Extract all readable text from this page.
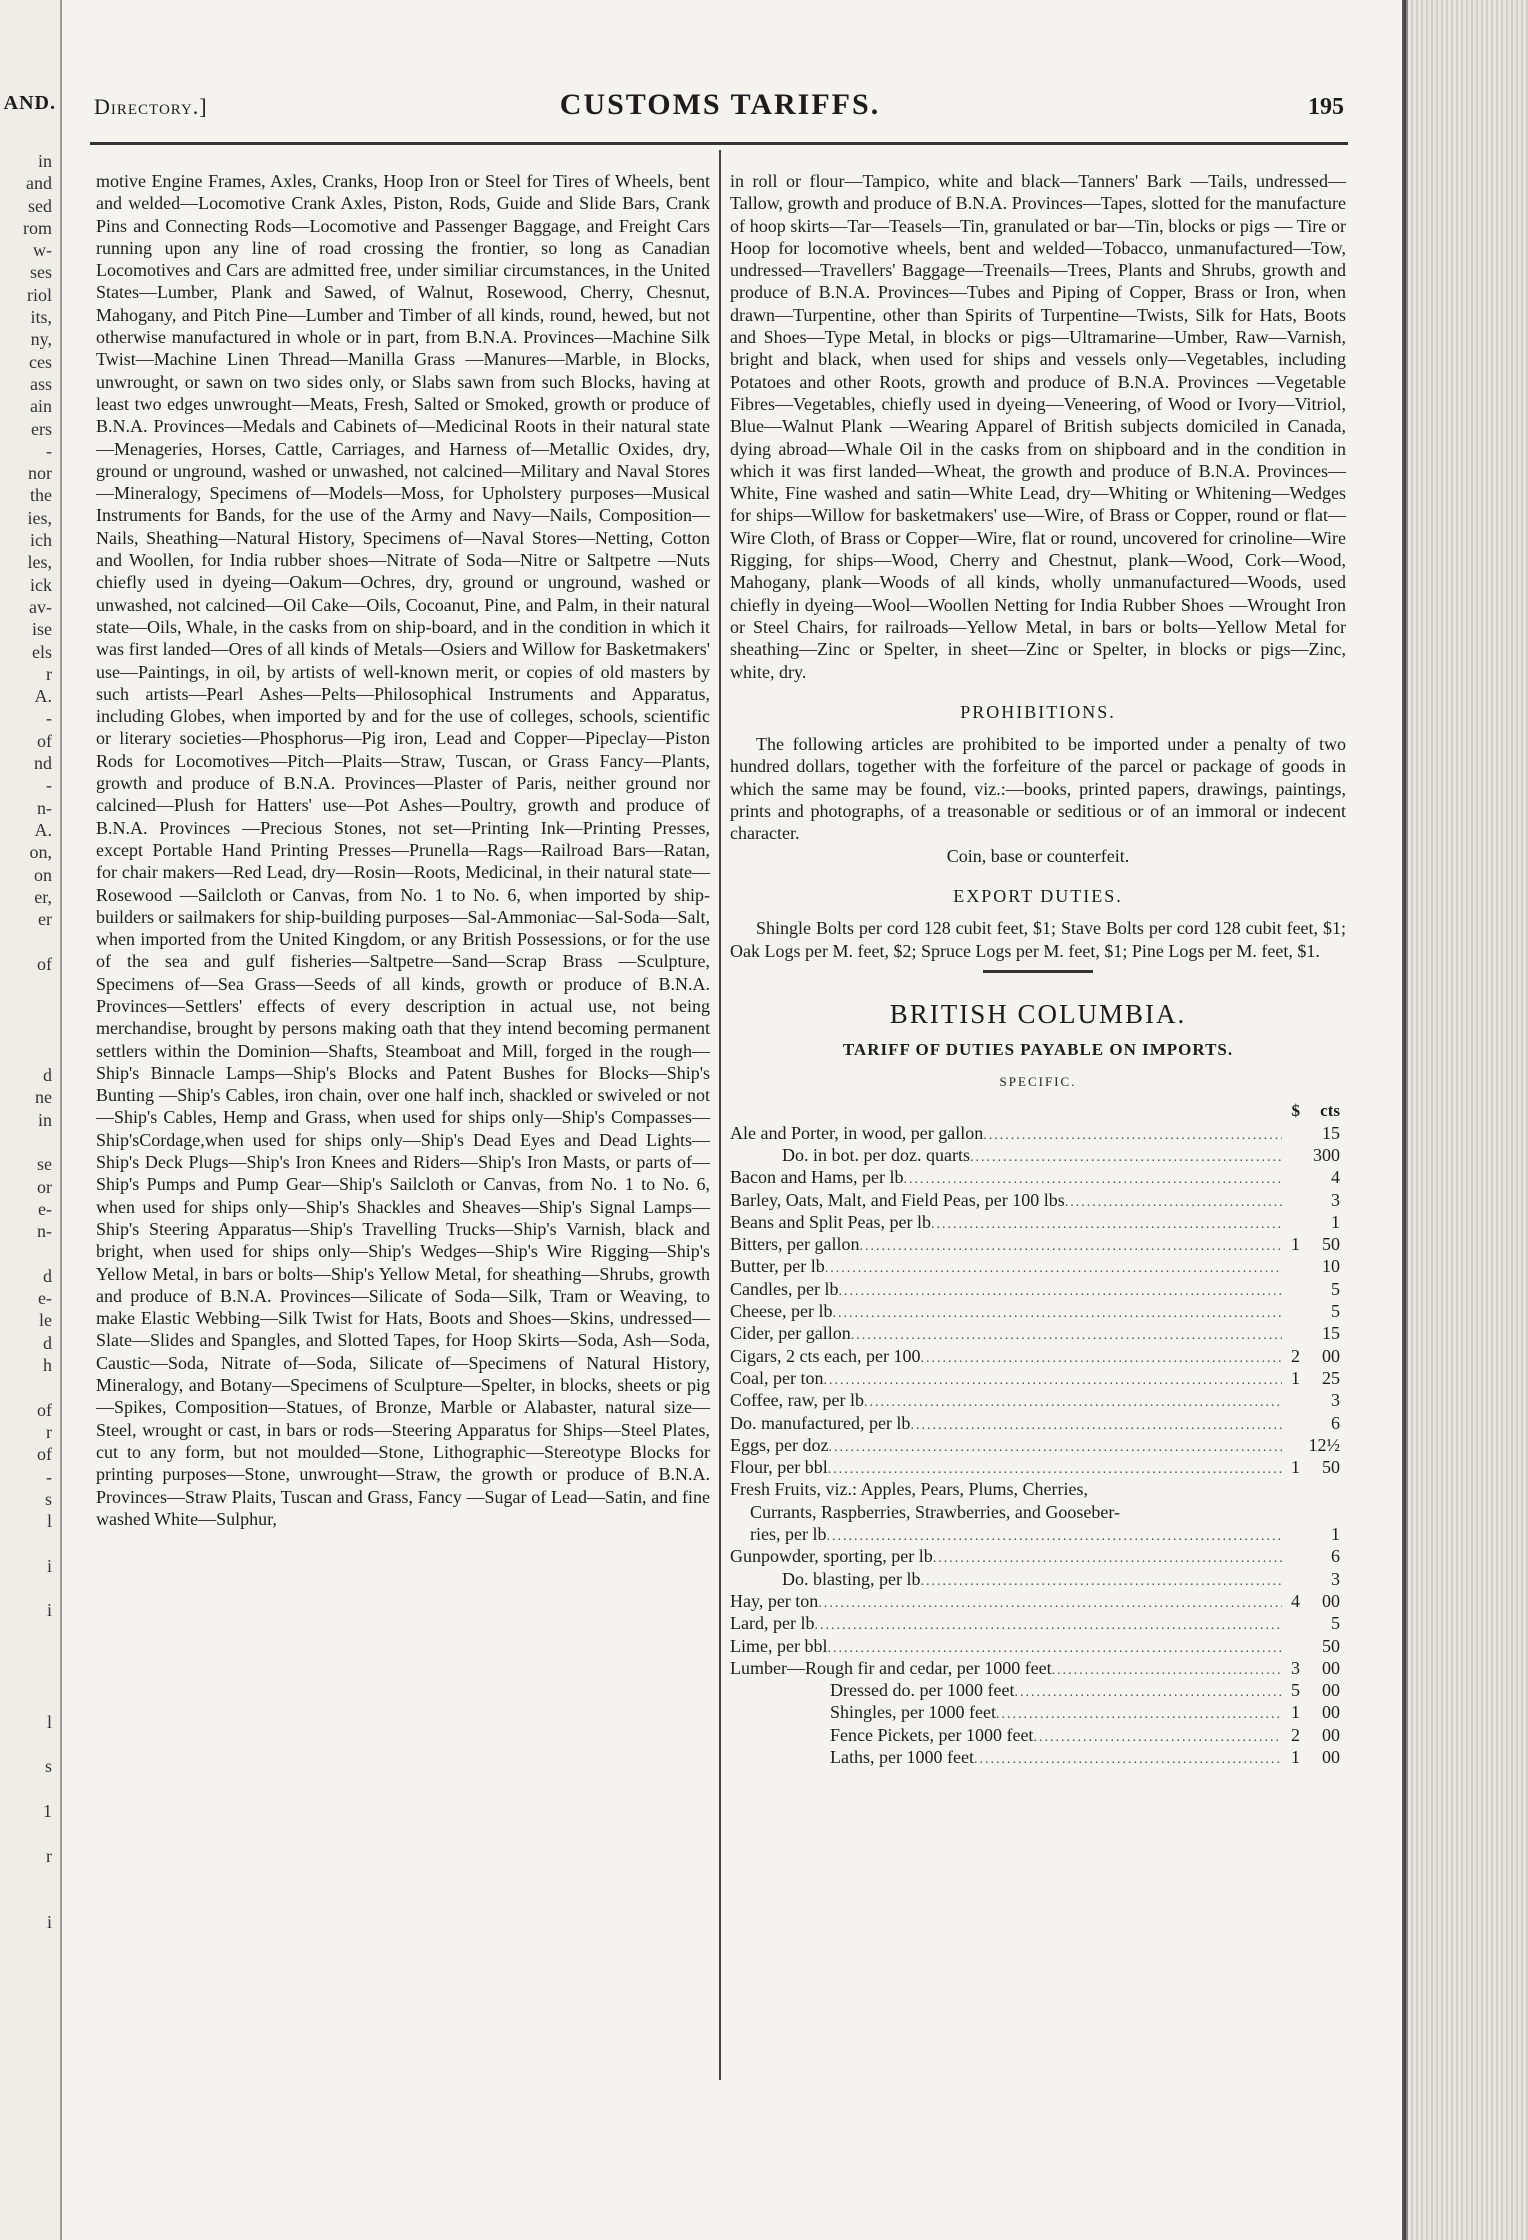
AND.
in
and
sed
rom
w-
ses
riol
its,
ny,
ces
ass
ain
ers
-
nor
the
ies,
ich
les,
ick
av-
ise
els
r
A.
-
of
nd
-
n-
A.
on,
on
er,
er
of
d
ne
in
se
or
e-
n-
d
e-
le
d
h
of
r
of
-
s
l
i
i
l
s
1
r
i
Directory.]	CUSTOMS TARIFFS.	195

motive Engine Frames, Axles, Cranks, Hoop Iron or Steel for Tires of Wheels, bent and welded—Locomotive Crank Axles, Piston, Rods, Guide and Slide Bars, Crank Pins and Connecting Rods—Locomotive and Passenger Baggage, and Freight Cars running upon any line of road crossing the frontier, so long as Canadian Locomotives and Cars are admitted free, under similiar circumstances, in the United States—Lumber, Plank and Sawed, of Walnut, Rosewood, Cherry, Chesnut, Mahogany, and Pitch Pine—Lumber and Timber of all kinds, round, hewed, but not otherwise manufactured in whole or in part, from B.N.A. Provinces—Machine Silk Twist—Machine Linen Thread—Manilla Grass —Manures—Marble, in Blocks, unwrought, or sawn on two sides only, or Slabs sawn from such Blocks, having at least two edges unwrought—Meats, Fresh, Salted or Smoked, growth or produce of B.N.A. Provinces—Medals and Cabinets of—Medicinal Roots in their natural state—Menageries, Horses, Cattle, Carriages, and Harness of—Metallic Oxides, dry, ground or unground, washed or unwashed, not calcined—Military and Naval Stores—Mineralogy, Specimens of—Models—Moss, for Upholstery purposes—Musical Instruments for Bands, for the use of the Army and Navy—Nails, Composition—Nails, Sheathing—Natural History, Specimens of—Naval Stores—Netting, Cotton and Woollen, for India rubber shoes—Nitrate of Soda—Nitre or Saltpetre —Nuts chiefly used in dyeing—Oakum—Ochres, dry, ground or unground, washed or unwashed, not calcined—Oil Cake—Oils, Cocoanut, Pine, and Palm, in their natural state—Oils, Whale, in the casks from on ship-board, and in the condition in which it was first landed—Ores of all kinds of Metals—Osiers and Willow for Basketmakers' use—Paintings, in oil, by artists of well-known merit, or copies of old masters by such artists—Pearl Ashes—Pelts—Philosophical Instruments and Apparatus, including Globes, when imported by and for the use of colleges, schools, scientific or literary societies—Phosphorus—Pig iron, Lead and Copper—Pipeclay—Piston Rods for Locomotives—Pitch—Plaits—Straw, Tuscan, or Grass Fancy—Plants, growth and produce of B.N.A. Provinces—Plaster of Paris, neither ground nor calcined—Plush for Hatters' use—Pot Ashes—Poultry, growth and produce of B.N.A. Provinces —Precious Stones, not set—Printing Ink—Printing Presses, except Portable Hand Printing Presses—Prunella—Rags—Railroad Bars—Ratan, for chair makers—Red Lead, dry—Rosin—Roots, Medicinal, in their natural state—Rosewood —Sailcloth or Canvas, from No. 1 to No. 6, when imported by ship-builders or sailmakers for ship-building purposes—Sal-Ammoniac—Sal-Soda—Salt, when imported from the United Kingdom, or any British Possessions, or for the use of the sea and gulf fisheries—Saltpetre—Sand—Scrap Brass —Sculpture, Specimens of—Sea Grass—Seeds of all kinds, growth or produce of B.N.A. Provinces—Settlers' effects of every description in actual use, not being merchandise, brought by persons making oath that they intend becoming permanent settlers within the Dominion—Shafts, Steamboat and Mill, forged in the rough—Ship's Binnacle Lamps—Ship's Blocks and Patent Bushes for Blocks—Ship's Bunting —Ship's Cables, iron chain, over one half inch, shackled or swiveled or not—Ship's Cables, Hemp and Grass, when used for ships only—Ship's Compasses—Ship'sCordage,when used for ships only—Ship's Dead Eyes and Dead Lights—Ship's Deck Plugs—Ship's Iron Knees and Riders—Ship's Iron Masts, or parts of—Ship's Pumps and Pump Gear—Ship's Sailcloth or Canvas, from No. 1 to No. 6, when used for ships only—Ship's Shackles and Sheaves—Ship's Signal Lamps—Ship's Steering Apparatus—Ship's Travelling Trucks—Ship's Varnish, black and bright, when used for ships only—Ship's Wedges—Ship's Wire Rigging—Ship's Yellow Metal, in bars or bolts—Ship's Yellow Metal, for sheathing—Shrubs, growth and produce of B.N.A. Provinces—Silicate of Soda—Silk, Tram or Weaving, to make Elastic Webbing—Silk Twist for Hats, Boots and Shoes—Skins, undressed—Slate—Slides and Spangles, and Slotted Tapes, for Hoop Skirts—Soda, Ash—Soda, Caustic—Soda, Nitrate of—Soda, Silicate of—Specimens of Natural History, Mineralogy, and Botany—Specimens of Sculpture—Spelter, in blocks, sheets or pig—Spikes, Composition—Statues, of Bronze, Marble or Alabaster, natural size—Steel, wrought or cast, in bars or rods—Steering Apparatus for Ships—Steel Plates, cut to any form, but not moulded—Stone, Lithographic—Stereotype Blocks for printing purposes—Stone, unwrought—Straw, the growth or produce of B.N.A. Provinces—Straw Plaits, Tuscan and Grass, Fancy —Sugar of Lead—Satin, and fine washed White—Sulphur,

in roll or flour—Tampico, white and black—Tanners' Bark —Tails, undressed—Tallow, growth and produce of B.N.A. Provinces—Tapes, slotted for the manufacture of hoop skirts—Tar—Teasels—Tin, granulated or bar—Tin, blocks or pigs — Tire or Hoop for locomotive wheels, bent and welded—Tobacco, unmanufactured—Tow, undressed—Travellers' Baggage—Treenails—Trees, Plants and Shrubs, growth and produce of B.N.A. Provinces—Tubes and Piping of Copper, Brass or Iron, when drawn—Turpentine, other than Spirits of Turpentine—Twists, Silk for Hats, Boots and Shoes—Type Metal, in blocks or pigs—Ultramarine—Umber, Raw—Varnish, bright and black, when used for ships and vessels only—Vegetables, including Potatoes and other Roots, growth and produce of B.N.A. Provinces —Vegetable Fibres—Vegetables, chiefly used in dyeing—Veneering, of Wood or Ivory—Vitriol, Blue—Walnut Plank —Wearing Apparel of British subjects domiciled in Canada, dying abroad—Whale Oil in the casks from on shipboard and in the condition in which it was first landed—Wheat, the growth and produce of B.N.A. Provinces—White, Fine washed and satin—White Lead, dry—Whiting or Whitening—Wedges for ships—Willow for basketmakers' use—Wire, of Brass or Copper, round or flat—Wire Cloth, of Brass or Copper—Wire, flat or round, uncovered for crinoline—Wire Rigging, for ships—Wood, Cherry and Chestnut, plank—Wood, Cork—Wood, Mahogany, plank—Woods of all kinds, wholly unmanufactured—Woods, used chiefly in dyeing—Wool—Woollen Netting for India Rubber Shoes —Wrought Iron or Steel Chairs, for railroads—Yellow Metal, in bars or bolts—Yellow Metal for sheathing—Zinc or Spelter, in sheet—Zinc or Spelter, in blocks or pigs—Zinc, white, dry.

PROHIBITIONS.

The following articles are prohibited to be imported under a penalty of two hundred dollars, together with the forfeiture of the parcel or package of goods in which the same may be found, viz.:—books, printed papers, drawings, paintings, prints and photographs, of a treasonable or seditious or of an immoral or indecent character.

Coin, base or counterfeit.
EXPORT DUTIES.

Shingle Bolts per cord 128 cubit feet, $1; Stave Bolts per cord 128 cubit feet, $1; Oak Logs per M. feet, $2; Spruce Logs per M. feet, $1; Pine Logs per M. feet, $1.

BRITISH COLUMBIA.
TARIFF OF DUTIES PAYABLE ON IMPORTS.
SPECIFIC.
$	cts
Ale and Porter, in wood, per gallon .....	15
Do. in bot. per doz. quarts .....	300
Bacon and Hams, per lb .....	4
Barley, Oats, Malt, and Field Peas, per 100 lbs .....	3
Beans and Split Peas, per lb .....	1
Bitters, per gallon .....	1	50
Butter, per lb .....	10
Candles, per lb .....	5
Cheese, per lb .....	5
Cider, per gallon .....	15
Cigars, 2 cts each, per 100 .....	2	00
Coal, per ton .....	1	25
Coffee, raw, per lb .....	3
Do. manufactured, per lb .....	6
Eggs, per doz .....	12½
Flour, per bbl .....	1	50
Fresh Fruits, viz.: Apples, Pears, Plums, Cherries,
Currants, Raspberries, Strawberries, and Gooseber-
ries, per lb .....	1
Gunpowder, sporting, per lb .....	6
Do. blasting, per lb .....	3
Hay, per ton .....	4	00
Lard, per lb .....	5
Lime, per bbl .....	50
Lumber—Rough fir and cedar, per 1000 feet .....	3	00
Dressed do. per 1000 feet .....	5	00
Shingles, per 1000 feet .....	1	00
Fence Pickets, per 1000 feet .....	2	00
Laths, per 1000 feet .....	1	00
